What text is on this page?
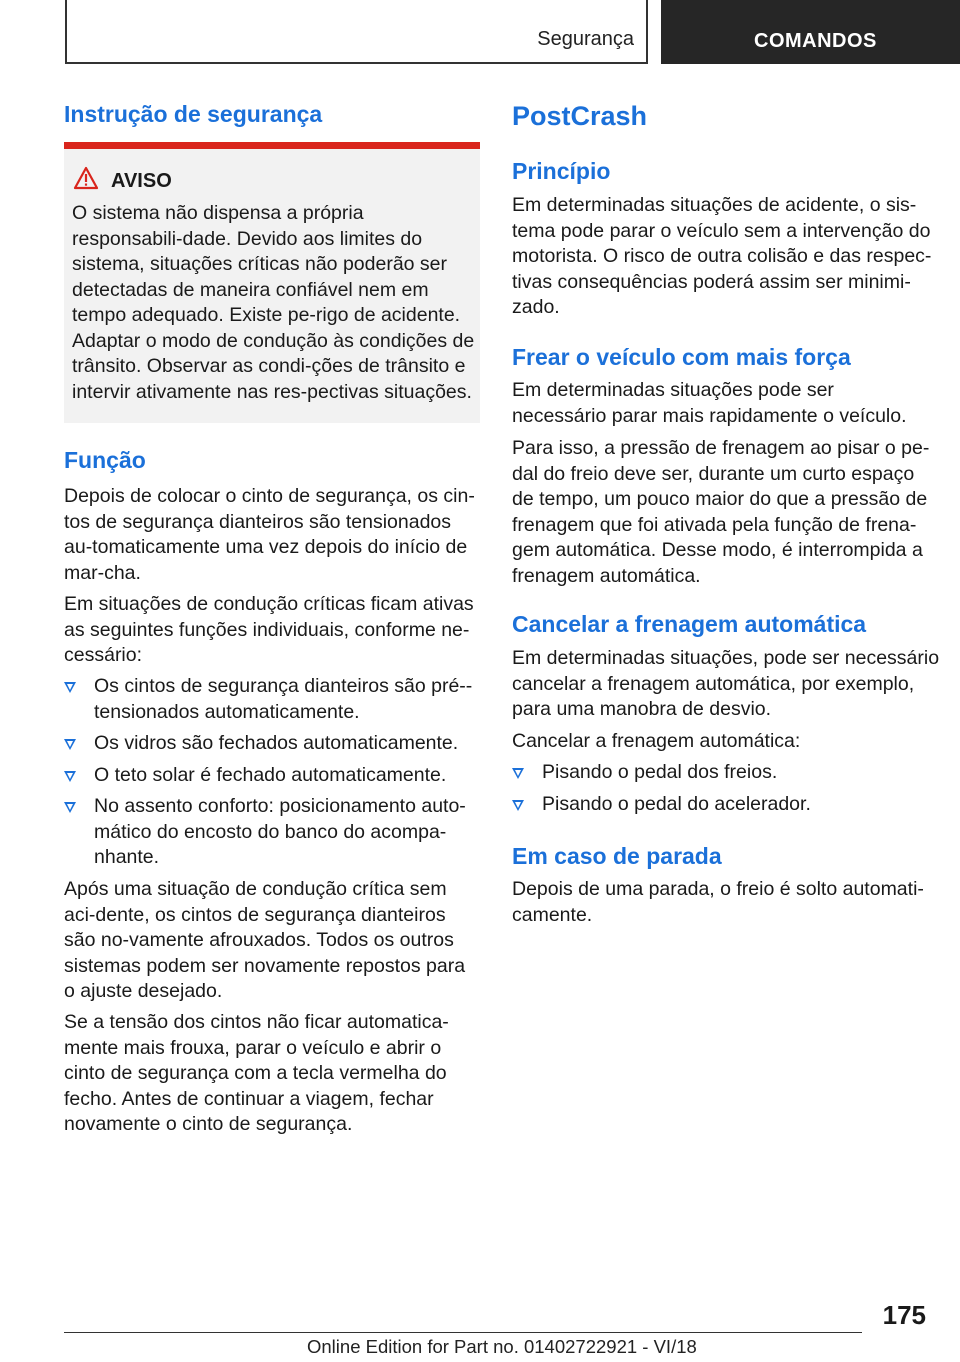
Segurança	COMANDOS
Instrução de segurança
AVISO

O sistema não dispensa a própria responsabili-dade. Devido aos limites do sistema, situações críticas não poderão ser detectadas de maneira confiável nem em tempo adequado. Existe pe-rigo de acidente. Adaptar o modo de condução às condições de trânsito. Observar as condi-ções de trânsito e intervir ativamente nas res-pectivas situações.

Função

Depois de colocar o cinto de segurança, os cin-tos de segurança dianteiros são tensionados au-tomaticamente uma vez depois do início de mar-cha.

Em situações de condução críticas ficam ativas as seguintes funções individuais, conforme ne-cessário:

Os cintos de segurança dianteiros são pré--tensionados automaticamente.
Os vidros são fechados automaticamente.
O teto solar é fechado automaticamente.
No assento conforto: posicionamento auto-mático do encosto do banco do acompa-nhante.

Após uma situação de condução crítica sem aci-dente, os cintos de segurança dianteiros são no-vamente afrouxados. Todos os outros sistemas podem ser novamente repostos para o ajuste desejado.

Se a tensão dos cintos não ficar automatica-mente mais frouxa, parar o veículo e abrir o cinto de segurança com a tecla vermelha do fecho. Antes de continuar a viagem, fechar novamente o cinto de segurança.

PostCrash
Princípio

Em determinadas situações de acidente, o sis-tema pode parar o veículo sem a intervenção do motorista. O risco de outra colisão e das respec-tivas consequências poderá assim ser minimi-zado.

Frear o veículo com mais força

Em determinadas situações pode ser necessário parar mais rapidamente o veículo.

Para isso, a pressão de frenagem ao pisar o pe-dal do freio deve ser, durante um curto espaço de tempo, um pouco maior do que a pressão de frenagem que foi ativada pela função de frena-gem automática. Desse modo, é interrompida a frenagem automática.

Cancelar a frenagem automática

Em determinadas situações, pode ser necessário cancelar a frenagem automática, por exemplo, para uma manobra de desvio.

Cancelar a frenagem automática:

Pisando o pedal dos freios.
Pisando o pedal do acelerador.
Em caso de parada

Depois de uma parada, o freio é solto automati-camente.

175
Online Edition for Part no. 01402722921 - VI/18
